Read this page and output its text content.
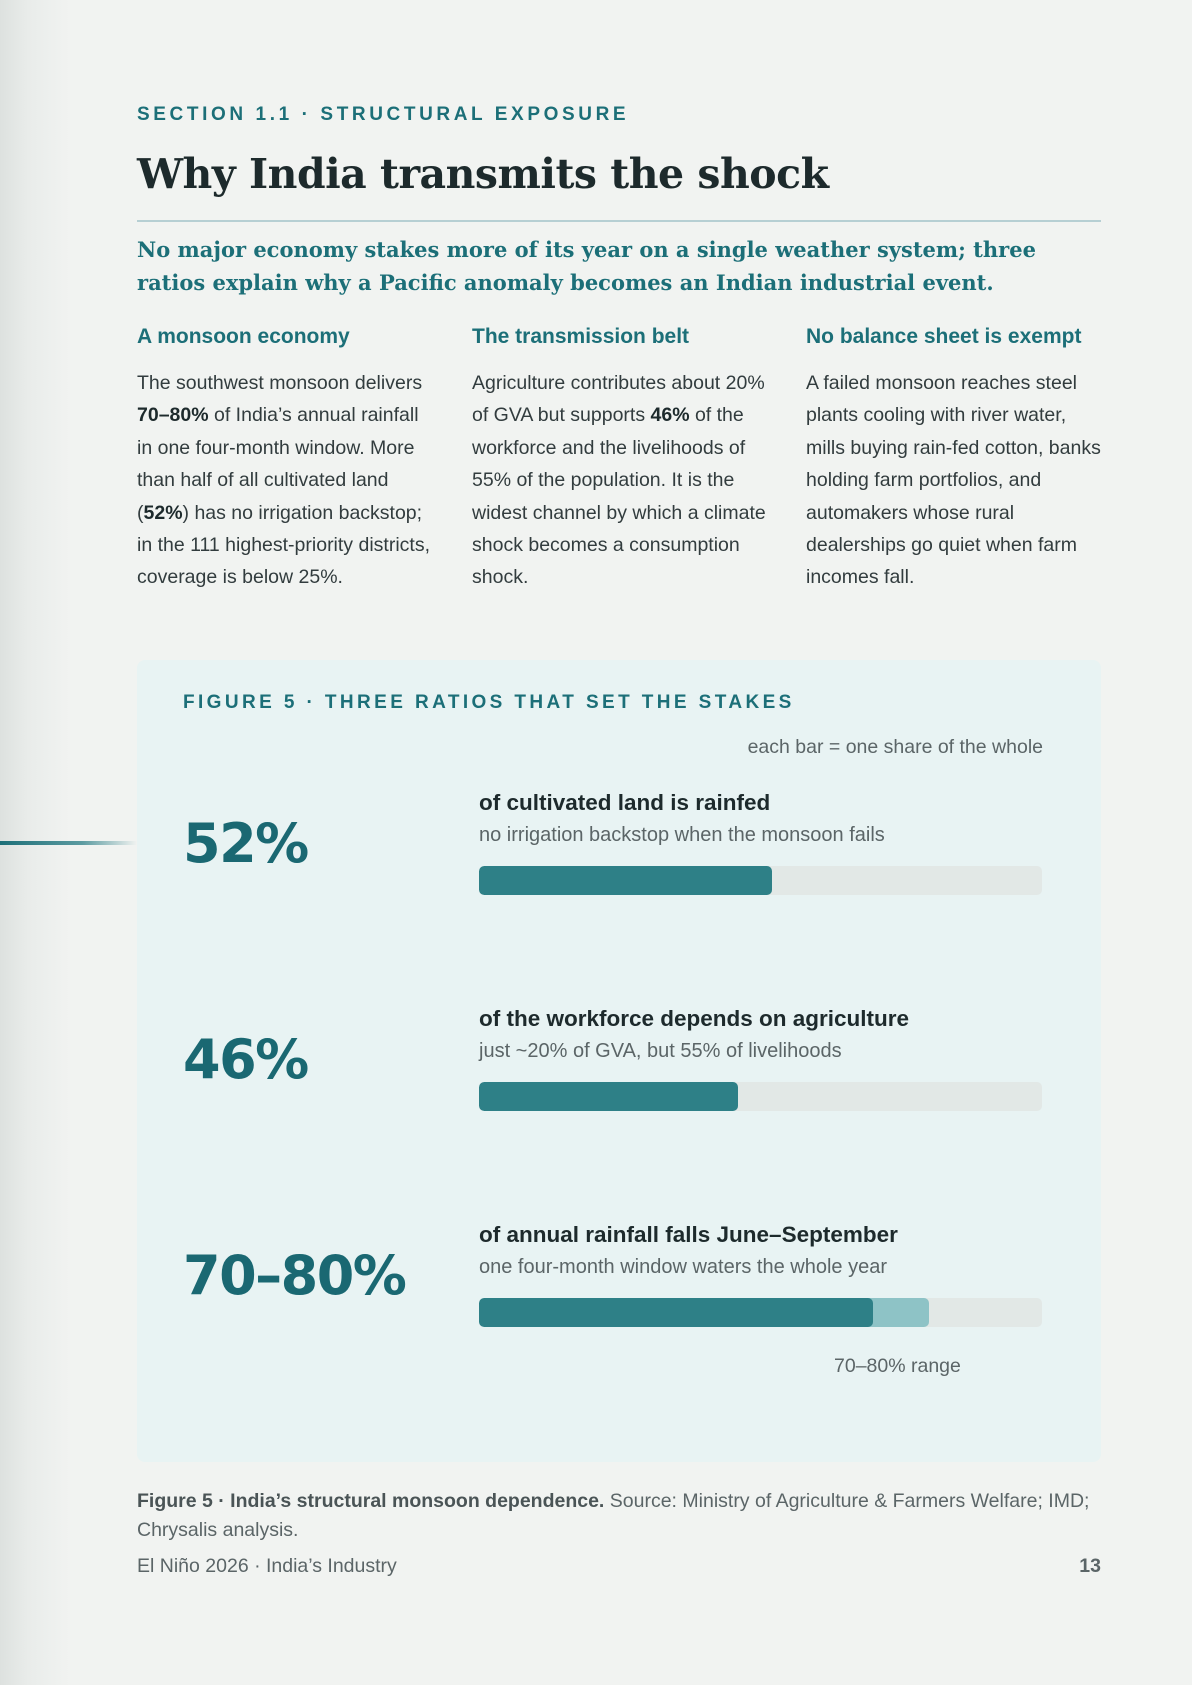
SECTION 1.1 · STRUCTURAL EXPOSURE
Why India transmits the shock

No major economy stakes more of its year on a single weather system; three ratios explain why a Pacific anomaly becomes an Indian industrial event.

A monsoon economy

The southwest monsoon delivers 70–80% of India’s annual rainfall in one four-month window. More than half of all cultivated land (52%) has no irrigation backstop; in the 111 highest-priority districts, coverage is below 25%.

The transmission belt

Agriculture contributes about 20% of GVA but supports 46% of the workforce and the livelihoods of 55% of the population. It is the widest channel by which a climate shock becomes a consumption shock.

No balance sheet is exempt

A failed monsoon reaches steel plants cooling with river water, mills buying rain-fed cotton, banks holding farm portfolios, and automakers whose rural dealerships go quiet when farm incomes fall.

FIGURE 5 · THREE RATIOS THAT SET THE STAKES
each bar = one share of the whole
52%
of cultivated land is rainfed
no irrigation backstop when the monsoon fails
46%
of the workforce depends on agriculture
just ~20% of GVA, but 55% of livelihoods
70–80%
of annual rainfall falls June–September
one four-month window waters the whole year
70–80% range

Figure 5 · India’s structural monsoon dependence. Source: Ministry of Agriculture & Farmers Welfare; IMD; Chrysalis analysis.

El Niño 2026 · India’s Industry	13
